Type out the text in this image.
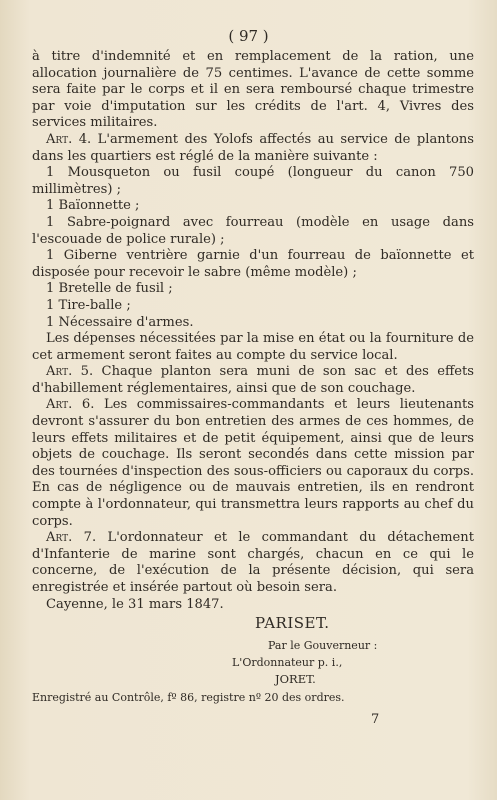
( 97 )

à titre d'indemnité et en remplacement de la ration, une allocation journalière de 75 centimes. L'avance de cette somme sera faite par le corps et il en sera remboursé chaque trimestre par voie d'imputation sur les crédits de l'art. 4, Vivres des services militaires.

Art. 4. L'armement des Yolofs affectés au service de plantons dans les quartiers est réglé de la manière suivante :

1 Mousqueton ou fusil coupé (longueur du canon 750 millimètres) ;

1 Baïonnette ;

1 Sabre-poignard avec fourreau (modèle en usage dans l'escouade de police rurale) ;

1 Giberne ventrière garnie d'un fourreau de baïonnette et disposée pour recevoir le sabre (même modèle) ;

1 Bretelle de fusil ;

1 Tire-balle ;

1 Nécessaire d'armes.

Les dépenses nécessitées par la mise en état ou la fourniture de cet armement seront faites au compte du service local.

Art. 5. Chaque planton sera muni de son sac et des effets d'habillement réglementaires, ainsi que de son couchage.

Art. 6. Les commissaires-commandants et leurs lieutenants devront s'assurer du bon entretien des armes de ces hommes, de leurs effets militaires et de petit équipement, ainsi que de leurs objets de couchage. Ils seront secondés dans cette mission par des tournées d'inspection des sous-officiers ou caporaux du corps. En cas de négligence ou de mauvais entretien, ils en rendront compte à l'ordonnateur, qui transmettra leurs rapports au chef du corps.

Art. 7. L'ordonnateur et le commandant du détachement d'Infanterie de marine sont chargés, chacun en ce qui le concerne, de l'exécution de la présente décision, qui sera enregistrée et insérée partout où besoin sera.

Cayenne, le 31 mars 1847.

PARISET.
Par le Gouverneur :
L'Ordonnateur p. i.,
JORET.
Enregistré au Contrôle, fº 86, registre nº 20 des ordres.
7
